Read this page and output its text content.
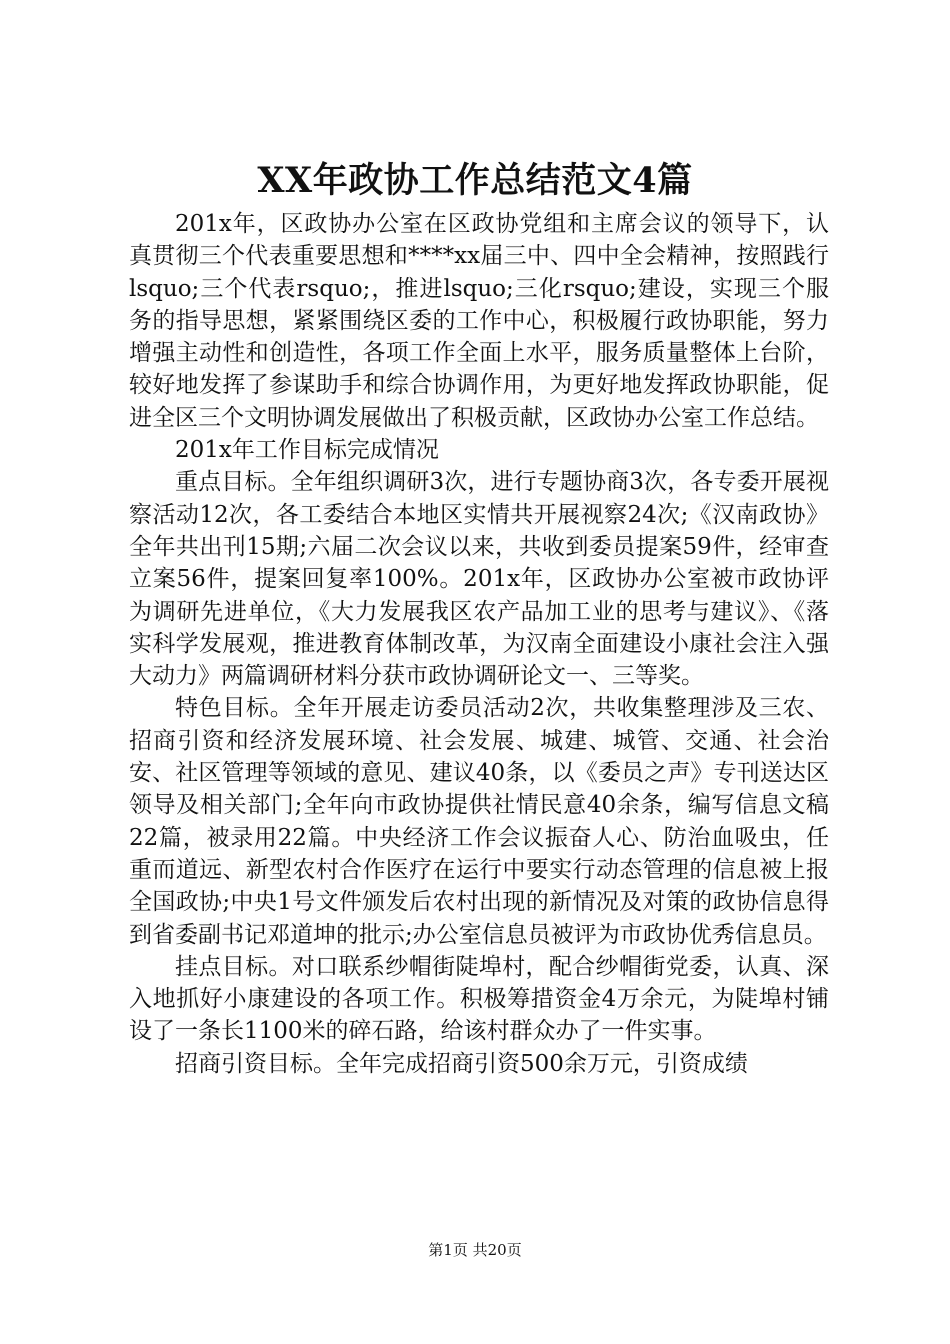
XX年政协工作总结范文4篇

201x年，区政协办公室在区政协党组和主席会议的领导下，认真贯彻三个代表重要思想和****xx届三中、四中全会精神，按照践行lsquo;三个代表rsquo;，推进lsquo;三化rsquo;建设，实现三个服务的指导思想，紧紧围绕区委的工作中心，积极履行政协职能，努力增强主动性和创造性，各项工作全面上水平，服务质量整体上台阶，较好地发挥了参谋助手和综合协调作用，为更好地发挥政协职能，促进全区三个文明协调发展做出了积极贡献，区政协办公室工作总结。

201x年工作目标完成情况

重点目标。全年组织调研3次，进行专题协商3次，各专委开展视察活动12次，各工委结合本地区实情共开展视察24次;《汉南政协》全年共出刊15期;六届二次会议以来，共收到委员提案59件，经审查立案56件，提案回复率100%。201x年，区政协办公室被市政协评为调研先进单位，《大力发展我区农产品加工业的思考与建议》、《落实科学发展观，推进教育体制改革，为汉南全面建设小康社会注入强大动力》两篇调研材料分获市政协调研论文一、三等奖。

特色目标。全年开展走访委员活动2次，共收集整理涉及三农、招商引资和经济发展环境、社会发展、城建、城管、交通、社会治安、社区管理等领域的意见、建议40条，以《委员之声》专刊送达区领导及相关部门;全年向市政协提供社情民意40余条，编写信息文稿22篇，被录用22篇。中央经济工作会议振奋人心、防治血吸虫，任重而道远、新型农村合作医疗在运行中要实行动态管理的信息被上报全国政协;中央1号文件颁发后农村出现的新情况及对策的政协信息得到省委副书记邓道坤的批示;办公室信息员被评为市政协优秀信息员。

挂点目标。对口联系纱帽街陡埠村，配合纱帽街党委，认真、深入地抓好小康建设的各项工作。积极筹措资金4万余元，为陡埠村铺设了一条长1100米的碎石路，给该村群众办了一件实事。

招商引资目标。全年完成招商引资500余万元，引资成绩

第1页 共20页
